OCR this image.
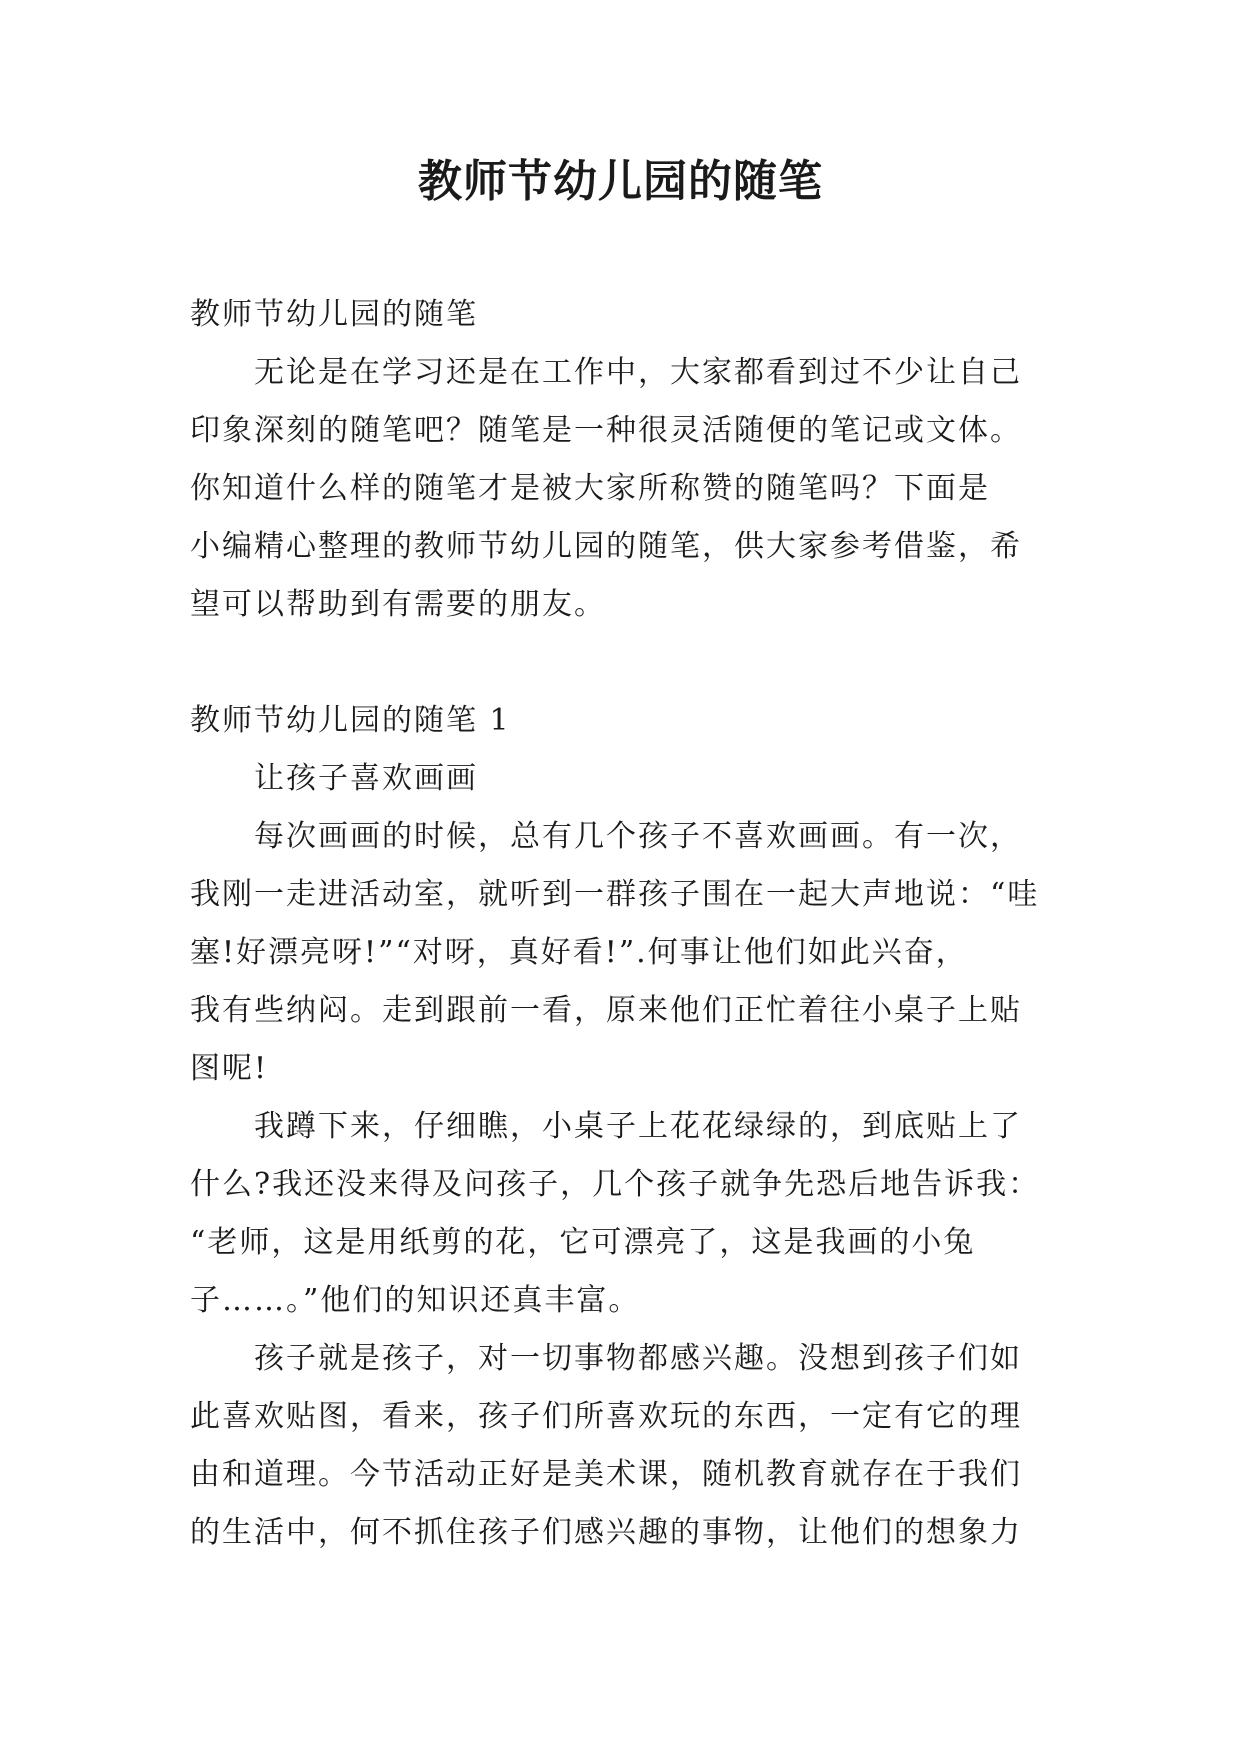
教师节幼儿园的随笔
教师节幼儿园的随笔
无论是在学习还是在工作中，大家都看到过不少让自己
印象深刻的随笔吧？随笔是一种很灵活随便的笔记或文体。
你知道什么样的随笔才是被大家所称赞的随笔吗？下面是
小编精心整理的教师节幼儿园的随笔，供大家参考借鉴，希
望可以帮助到有需要的朋友。
教师节幼儿园的随笔 1
让孩子喜欢画画
每次画画的时候，总有几个孩子不喜欢画画。有一次，
我刚一走进活动室，就听到一群孩子围在一起大声地说：“哇
塞!好漂亮呀!”“对呀，真好看!”.何事让他们如此兴奋，
我有些纳闷。走到跟前一看，原来他们正忙着往小桌子上贴
图呢!
我蹲下来，仔细瞧，小桌子上花花绿绿的，到底贴上了
什么?我还没来得及问孩子，几个孩子就争先恐后地告诉我：
“老师，这是用纸剪的花，它可漂亮了，这是我画的小兔
子……。”他们的知识还真丰富。
孩子就是孩子，对一切事物都感兴趣。没想到孩子们如
此喜欢贴图，看来，孩子们所喜欢玩的东西，一定有它的理
由和道理。今节活动正好是美术课，随机教育就存在于我们
的生活中，何不抓住孩子们感兴趣的事物，让他们的想象力
